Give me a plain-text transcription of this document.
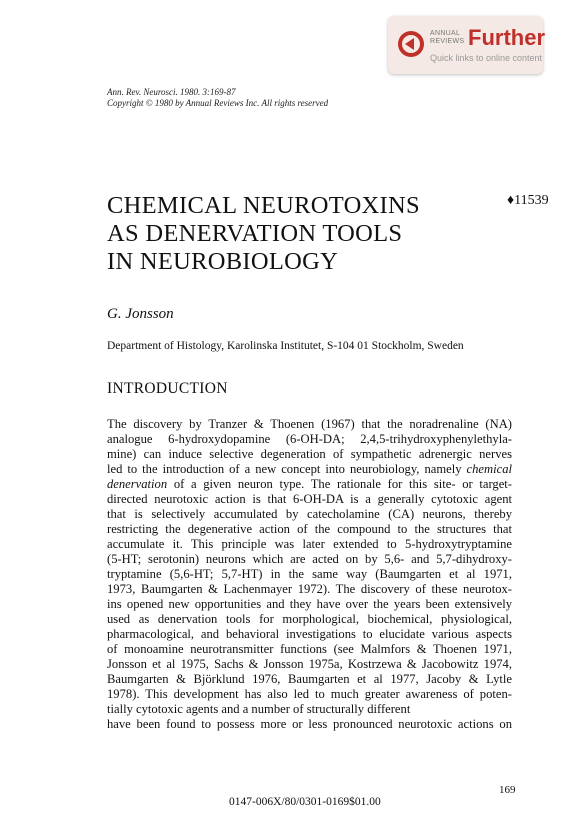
ANNUAL REVIEWS Further
Quick links to online content
Ann. Rev. Neurosci. 1980. 3:169-87
Copyright © 1980 by Annual Reviews Inc. All rights reserved
CHEMICAL NEUROTOXINS
AS DENERVATION TOOLS
IN NEUROBIOLOGY
♦11539
G. Jonsson
Department of Histology, Karolinska Institutet, S-104 01 Stockholm, Sweden
INTRODUCTION
The discovery by Tranzer & Thoenen (1967) that the noradrenaline (NA)
analogue 6-hydroxydopamine (6-OH-DA; 2,4,5-trihydroxyphenylethyla-
mine) can induce selective degeneration of sympathetic adrenergic nerves
led to the introduction of a new concept into neurobiology, namely chemical
denervation of a given neuron type. The rationale for this site- or target-
directed neurotoxic action is that 6-OH-DA is a generally cytotoxic agent
that is selectively accumulated by catecholamine (CA) neurons, thereby
restricting the degenerative action of the compound to the structures that
accumulate it. This principle was later extended to 5-hydroxytryptamine
(5-HT; serotonin) neurons which are acted on by 5,6- and 5,7-dihydroxy-
tryptamine (5,6-HT; 5,7-HT) in the same way (Baumgarten et al 1971,
1973, Baumgarten & Lachenmayer 1972). The discovery of these neurotox-
ins opened new opportunities and they have over the years been extensively
used as denervation tools for morphological, biochemical, physiological,
pharmacological, and behavioral investigations to elucidate various aspects
of monoamine neurotransmitter functions (see Malmfors & Thoenen 1971,
Jonsson et al 1975, Sachs & Jonsson 1975a, Kostrzewa & Jacobowitz 1974,
Baumgarten & Björklund 1976, Baumgarten et al 1977, Jacoby & Lytle
1978). This development has also led to much greater awareness of poten-
tially cytotoxic agents and a number of structurally different
have been found to possess more or less pronounced neurotoxic actions on
169
0147-006X/80/0301-0169$01.00
